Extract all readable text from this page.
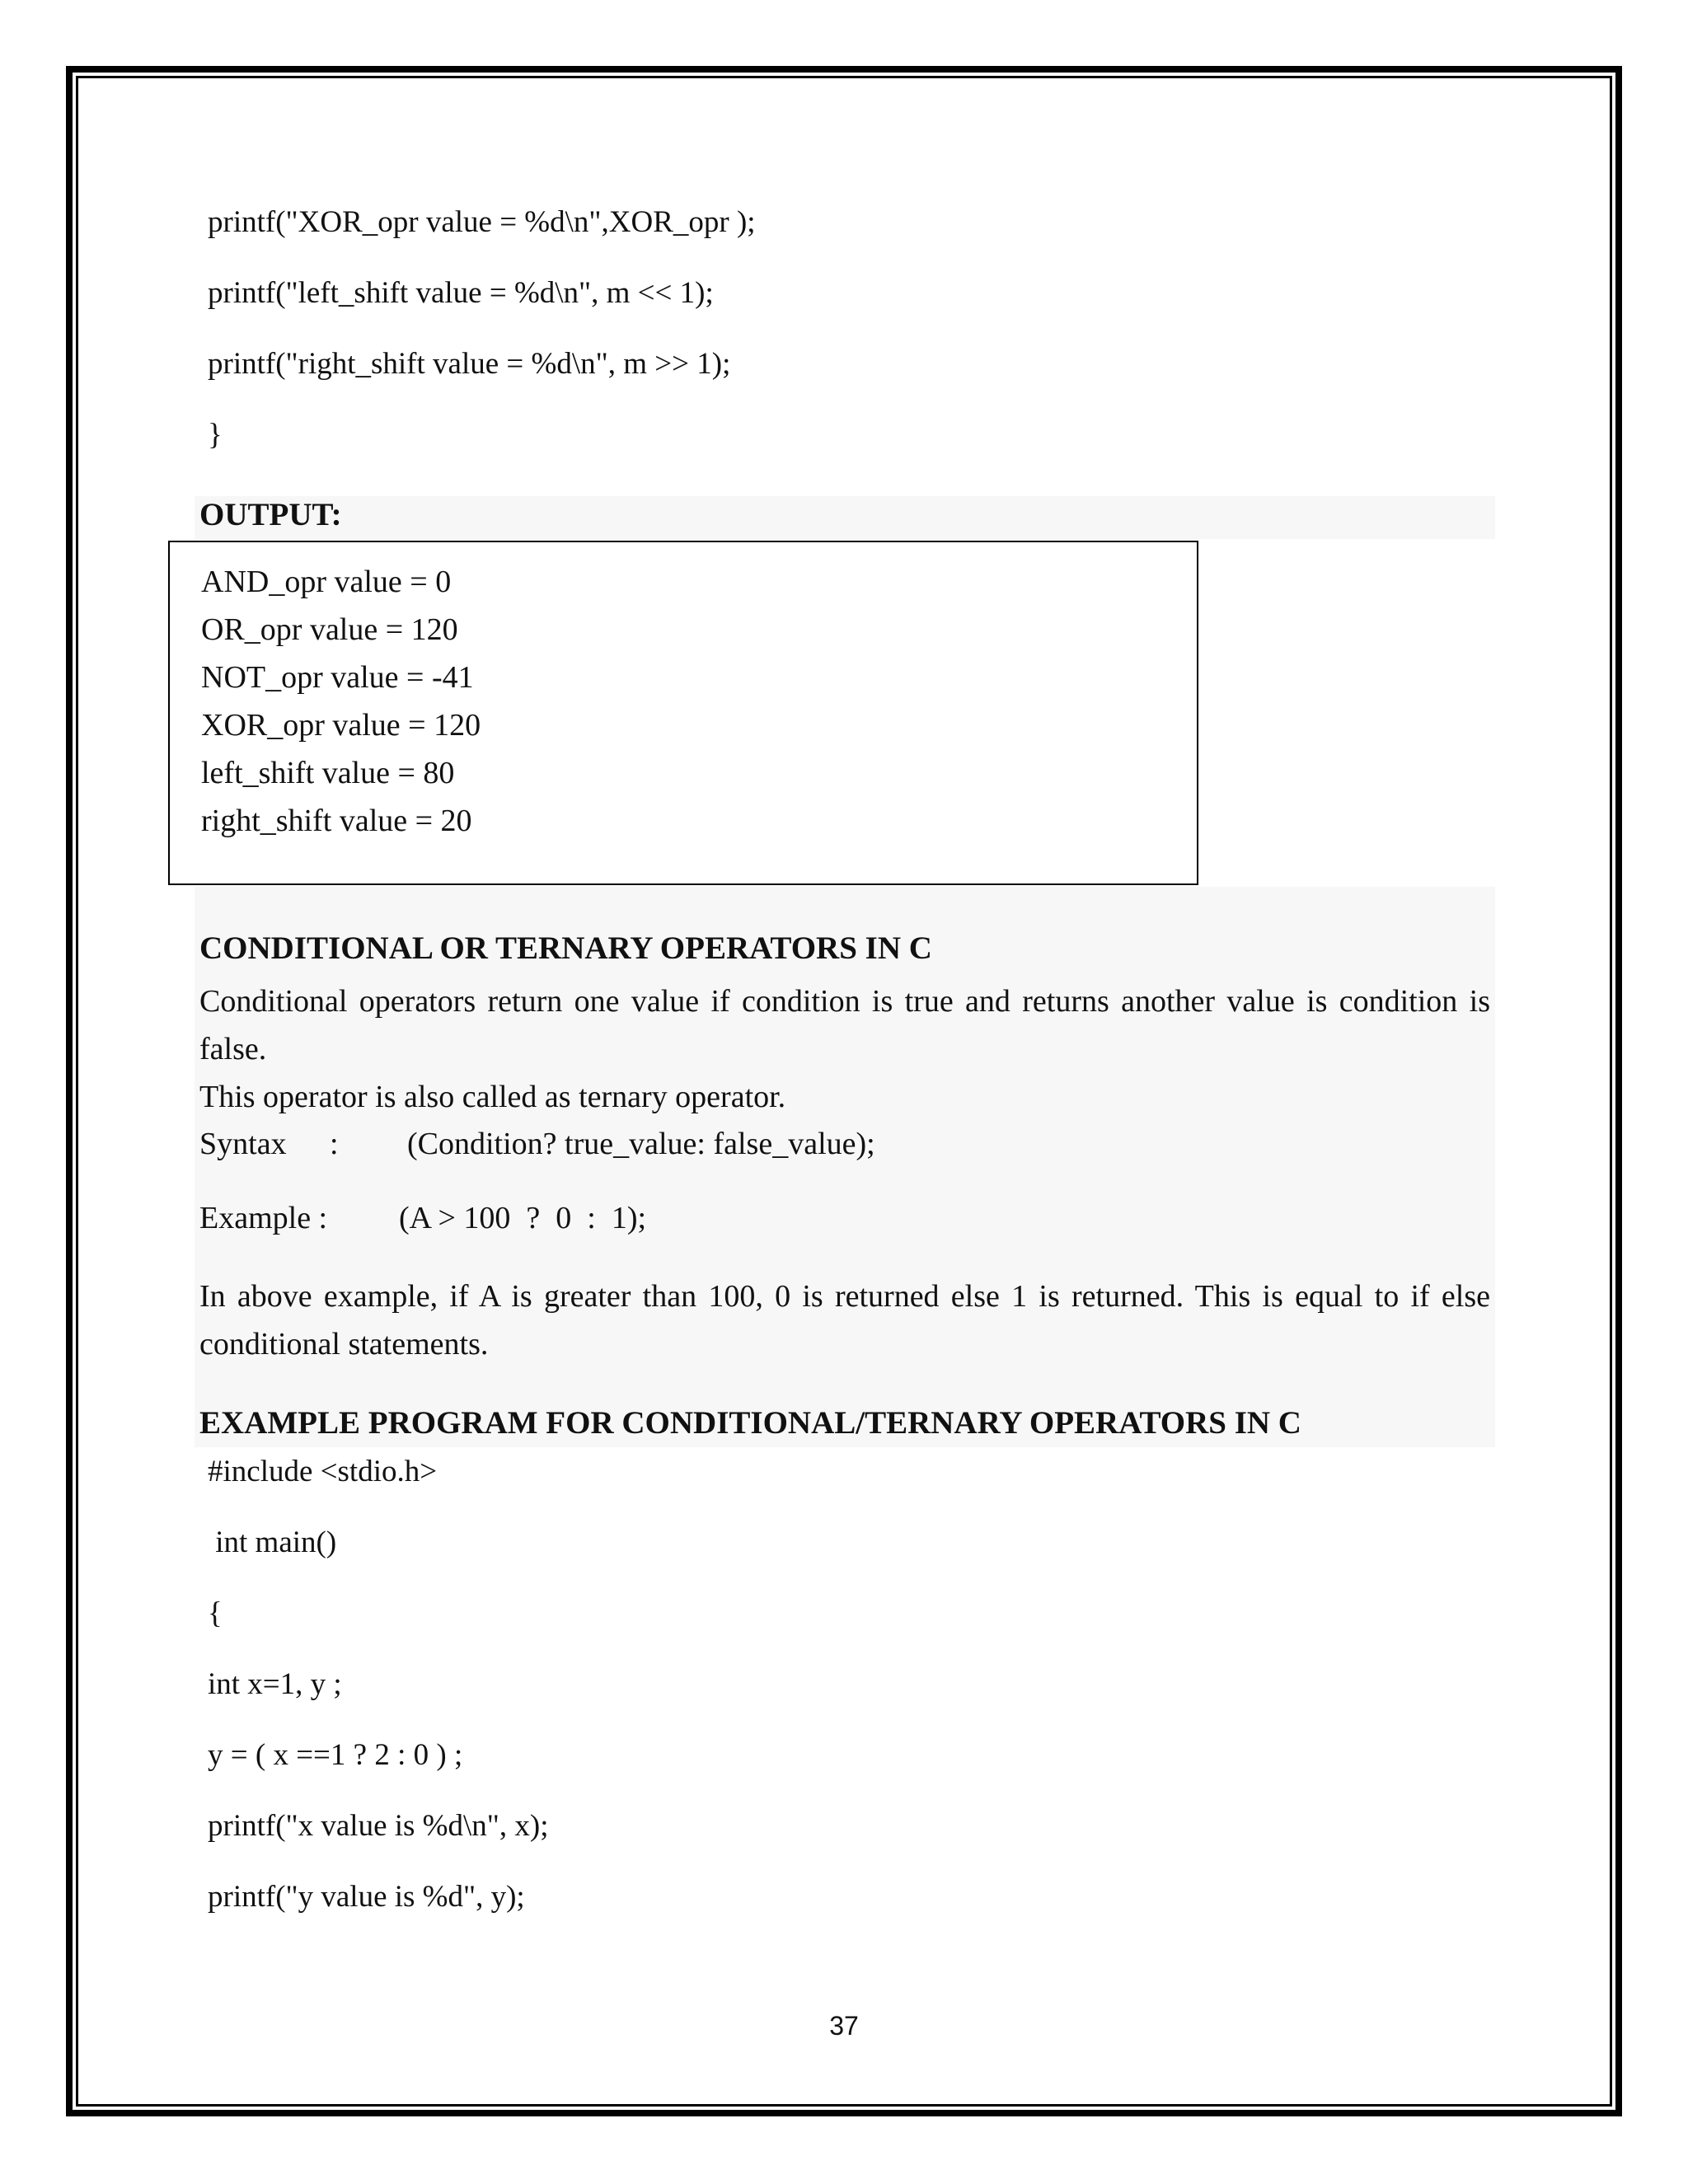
printf("XOR_opr value = %d\n",XOR_opr );
printf("left_shift value = %d\n", m << 1);
printf("right_shift value = %d\n", m >> 1);
}
OUTPUT:
AND_opr value = 0
OR_opr value = 120
NOT_opr value = -41
XOR_opr value = 120
left_shift value = 80
right_shift value = 20
CONDITIONAL OR TERNARY OPERATORS IN C
Conditional operators return one value if condition is true and returns another value is condition is false.
This operator is also called as ternary operator.
Syntax : (Condition? true_value: false_value);
Example : (A > 100  ?  0  :  1);
In above example, if A is greater than 100, 0 is returned else 1 is returned. This is equal to if else conditional statements.
EXAMPLE PROGRAM FOR CONDITIONAL/TERNARY OPERATORS IN C
#include <stdio.h>
int main()
{
int x=1, y ;
y = ( x ==1 ? 2 : 0 ) ;
printf("x value is %d\n", x);
printf("y value is %d", y);
37
